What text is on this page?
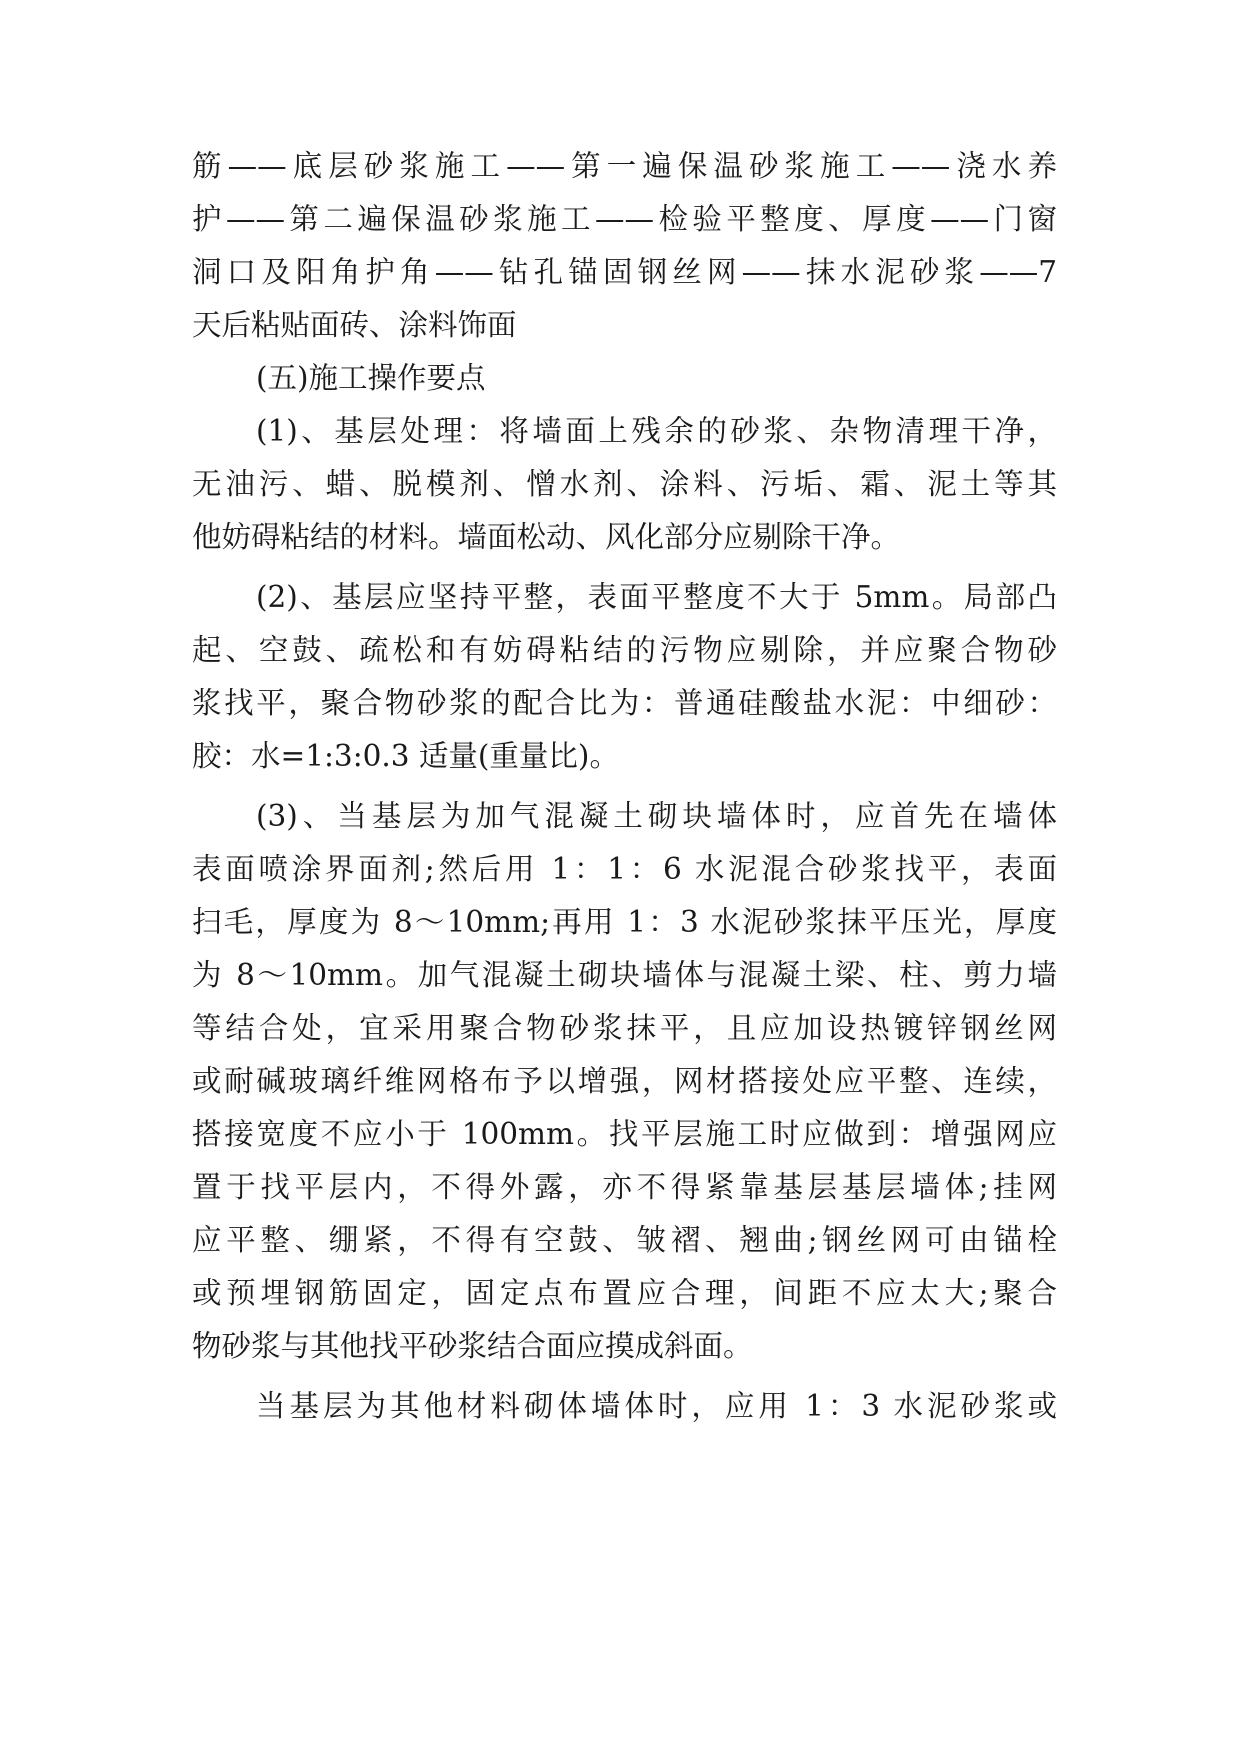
筋——底层砂浆施工——第一遍保温砂浆施工——浇水养
护——第二遍保温砂浆施工——检验平整度、厚度——门窗
洞口及阳角护角——钻孔锚固钢丝网——抹水泥砂浆——7
天后粘贴面砖、涂料饰面
(五)施工操作要点
(1)、基层处理：将墙面上残余的砂浆、杂物清理干净，
无油污、蜡、脱模剂、憎水剂、涂料、污垢、霜、泥土等其
他妨碍粘结的材料。墙面松动、风化部分应剔除干净。
(2)、基层应坚持平整，表面平整度不大于 5mm。局部凸
起、空鼓、疏松和有妨碍粘结的污物应剔除，并应聚合物砂
浆找平，聚合物砂浆的配合比为：普通硅酸盐水泥：中细砂：
胶：水=1:3:0.3 适量(重量比)。
(3)、当基层为加气混凝土砌块墙体时，应首先在墙体
表面喷涂界面剂;然后用 1：1：6 水泥混合砂浆找平，表面
扫毛，厚度为 8～10mm;再用 1：3 水泥砂浆抹平压光，厚度
为 8～10mm。加气混凝土砌块墙体与混凝土梁、柱、剪力墙
等结合处，宜采用聚合物砂浆抹平，且应加设热镀锌钢丝网
或耐碱玻璃纤维网格布予以增强，网材搭接处应平整、连续，
搭接宽度不应小于 100mm。找平层施工时应做到：增强网应
置于找平层内，不得外露，亦不得紧靠基层基层墙体;挂网
应平整、绷紧，不得有空鼓、皱褶、翘曲;钢丝网可由锚栓
或预埋钢筋固定，固定点布置应合理，间距不应太大;聚合
物砂浆与其他找平砂浆结合面应摸成斜面。
当基层为其他材料砌体墙体时，应用 1：3 水泥砂浆或
